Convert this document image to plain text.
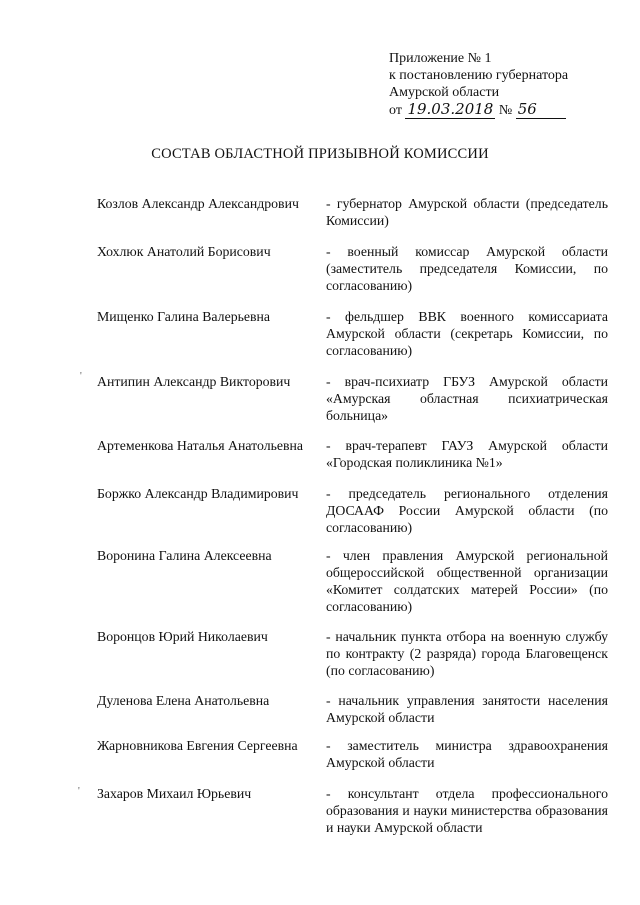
Приложение № 1
к постановлению губернатора
Амурской области
от 19.03.2018 № 56
СОСТАВ ОБЛАСТНОЙ ПРИЗЫВНОЙ КОМИССИИ
Козлов Александр Александрович	- губернатор Амурской области (председатель Комиссии)
Хохлюк Анатолий Борисович	- военный комиссар Амурской области (заместитель председателя Комиссии, по согласованию)
Мищенко Галина Валерьевна	- фельдшер ВВК военного комиссариата Амурской области (секретарь Комиссии, по согласованию)
Антипин Александр Викторович	- врач-психиатр ГБУЗ Амурской области «Амурская областная психиатрическая больница»
Артеменкова Наталья Анатольевна	- врач-терапевт ГАУЗ Амурской области «Городская поликлиника №1»
Боржко Александр Владимирович	- председатель регионального отделения ДОСААФ России Амурской области (по согласованию)
Воронина Галина Алексеевна	- член правления Амурской региональной общероссийской общественной организации «Комитет солдатских матерей России» (по согласованию)
Воронцов Юрий Николаевич	- начальник пункта отбора на военную службу по контракту (2 разряда) города Благовещенск (по согласованию)
Дуленова Елена Анатольевна	- начальник управления занятости населения Амурской области
Жарновникова Евгения Сергеевна	- заместитель министра здравоохранения Амурской области
Захаров Михаил Юрьевич	- консультант отдела профессионального образования и науки министерства образования и науки Амурской области
'
'
